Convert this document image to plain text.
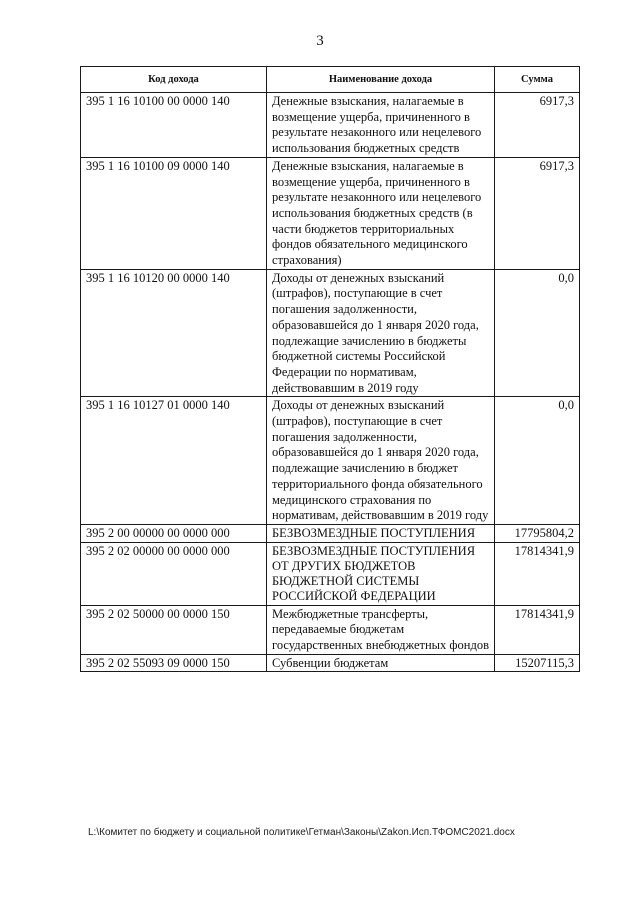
3
Код дохода	Наименование дохода	Сумма
395 1 16 10100 00 0000 140	Денежные взыскания, налагаемые в возмещение ущерба, причиненного в результате незаконного или нецелевого использования бюджетных средств	6917,3
395 1 16 10100 09 0000 140	Денежные взыскания, налагаемые в возмещение ущерба, причиненного в результате незаконного или нецелевого использования бюджетных средств (в части бюджетов территориальных фондов обязательного медицинского страхования)	6917,3
395 1 16 10120 00 0000 140	Доходы от денежных взысканий (штрафов), поступающие в счет погашения задолженности, образовавшейся до 1 января 2020 года, подлежащие зачислению в бюджеты бюджетной системы Российской Федерации по нормативам, действовавшим в 2019 году	0,0
395 1 16 10127 01 0000 140	Доходы от денежных взысканий (штрафов), поступающие в счет погашения задолженности, образовавшейся до 1 января 2020 года, подлежащие зачислению в бюджет территориального фонда обязательного медицинского страхования по нормативам, действовавшим в 2019 году	0,0
395 2 00 00000 00 0000 000	БЕЗВОЗМЕЗДНЫЕ ПОСТУПЛЕНИЯ	17795804,2
395 2 02 00000 00 0000 000	БЕЗВОЗМЕЗДНЫЕ ПОСТУПЛЕНИЯ ОТ ДРУГИХ БЮДЖЕТОВ БЮДЖЕТНОЙ СИСТЕМЫ РОССИЙСКОЙ ФЕДЕРАЦИИ	17814341,9
395 2 02 50000 00 0000 150	Межбюджетные трансферты, передаваемые бюджетам государственных внебюджетных фондов	17814341,9
395 2 02 55093 09 0000 150	Субвенции бюджетам	15207115,3
L:\Комитет по бюджету и социальной политике\Гетман\Законы\Zakon.Исп.ТФОМС2021.docx
